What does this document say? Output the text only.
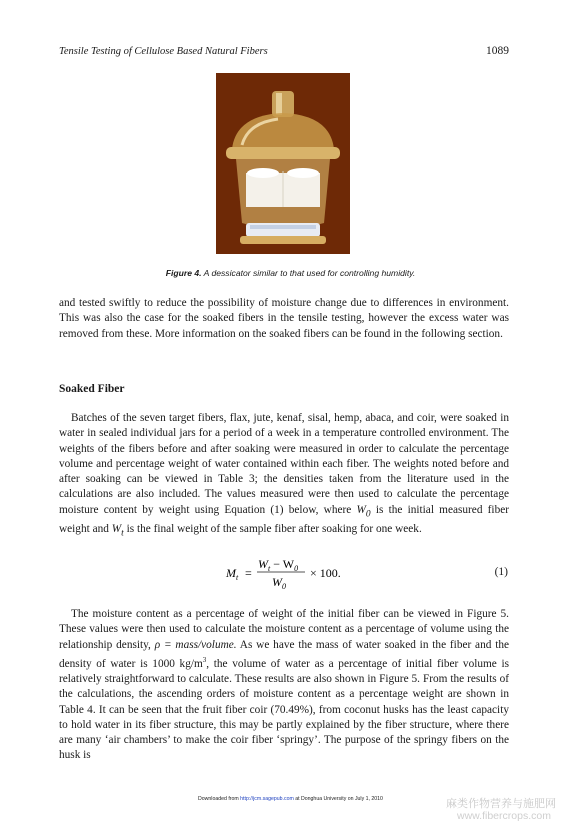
Tensile Testing of Cellulose Based Natural Fibers	1089
Figure 4. A dessicator similar to that used for controlling humidity.

and tested swiftly to reduce the possibility of moisture change due to differences in environment. This was also the case for the soaked fibers in the tensile testing, however the excess water was removed from these. More information on the soaked fibers can be found in the following section.

Soaked Fiber

Batches of the seven target fibers, flax, jute, kenaf, sisal, hemp, abaca, and coir, were soaked in water in sealed individual jars for a period of a week in a temperature controlled environment. The weights of the fibers before and after soaking were measured in order to calculate the percentage volume and percentage weight of water contained within each fiber. The weights noted before and after soaking can be viewed in Table 3; the densities taken from the literature used in the calculations are also included. The values measured were then used to calculate the percentage moisture content by weight using Equation (1) below, where $W_0$ is the initial measured fiber weight and $W_t$ is the final weight of the sample fiber after soaking for one week.

$M_t$ =
$W_t - W_0$
$W_0$
× 100.	(1)

The moisture content as a percentage of weight of the initial fiber can be viewed in Figure 5. These values were then used to calculate the moisture content as a percentage of volume using the relationship density, ρ = mass/volume. As we have the mass of water soaked in the fiber and the density of water is 1000 $kg/m^3$, the volume of water as a percentage of initial fiber volume is relatively straightforward to calculate. These results are also shown in Figure 5. From the results of the calculations, the ascending orders of moisture content as a percentage weight are shown in Table 4. It can be seen that the fruit fiber coir (70.49%), from coconut husks has the least capacity to hold water in its fiber structure, this may be partly explained by the fiber structure, where there are many ‘air chambers’ to make the coir fiber ‘springy’. The purpose of the springy fibers on the husk is

Downloaded from http://jcm.sagepub.com at Donghua University on July 1, 2010	麻类作物营养与施肥网
www.fibercrops.com
